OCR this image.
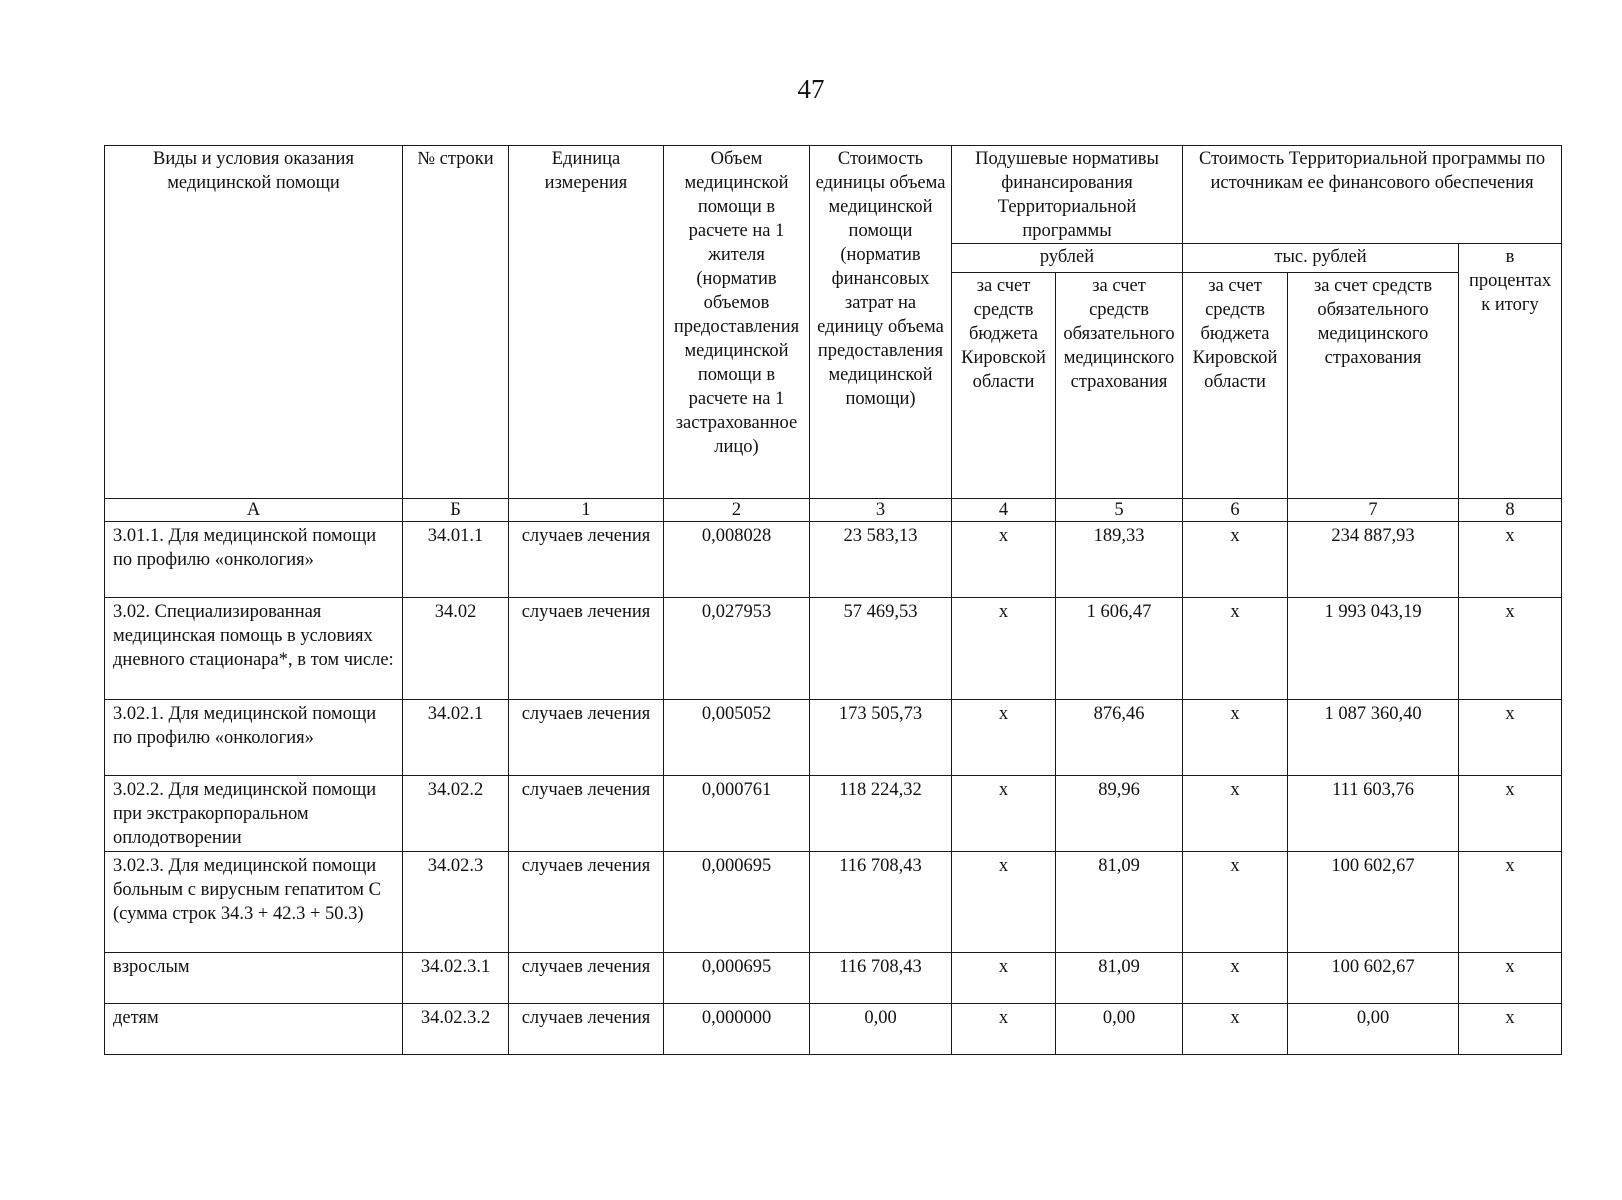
47
Виды и условия оказания медицинской помощи	№ строки	Единица измерения	Объем медицинской помощи в расчете на 1 жителя (норматив объемов предоставления медицинской помощи в расчете на 1 застрахованное лицо)	Стоимость единицы объема медицинской помощи (норматив финансовых затрат на единицу объема предоставления медицинской помощи)	Подушевые нормативы финансирования Территориальной программы		Стоимость Территориальной программы по источникам ее финансового обеспечения		
					рублей		тыс. рублей		в процентах к итогу
					за счет средств бюджета Кировской области	за счет средств обязательного медицинского страхования	за счет средств бюджета Кировской области	за счет средств обязательного медицинского страхования	
А	Б	1	2	3	4	5	6	7	8
3.01.1. Для медицинской помощи по профилю «онкология»	34.01.1	случаев лечения	0,008028	23 583,13	х	189,33	х	234 887,93	х
3.02. Специализированная медицинская помощь в условиях дневного стационара*, в том числе:	34.02	случаев лечения	0,027953	57 469,53	х	1 606,47	х	1 993 043,19	х
3.02.1. Для медицинской помощи по профилю «онкология»	34.02.1	случаев лечения	0,005052	173 505,73	х	876,46	х	1 087 360,40	х
3.02.2. Для медицинской помощи при экстракорпоральном оплодотворении	34.02.2	случаев лечения	0,000761	118 224,32	х	89,96	х	111 603,76	х
3.02.3. Для медицинской помощи больным с вирусным гепатитом С (сумма строк 34.3 + 42.3 + 50.3)	34.02.3	случаев лечения	0,000695	116 708,43	х	81,09	х	100 602,67	х
взрослым	34.02.3.1	случаев лечения	0,000695	116 708,43	х	81,09	х	100 602,67	х
детям	34.02.3.2	случаев лечения	0,000000	0,00	х	0,00	х	0,00	х
